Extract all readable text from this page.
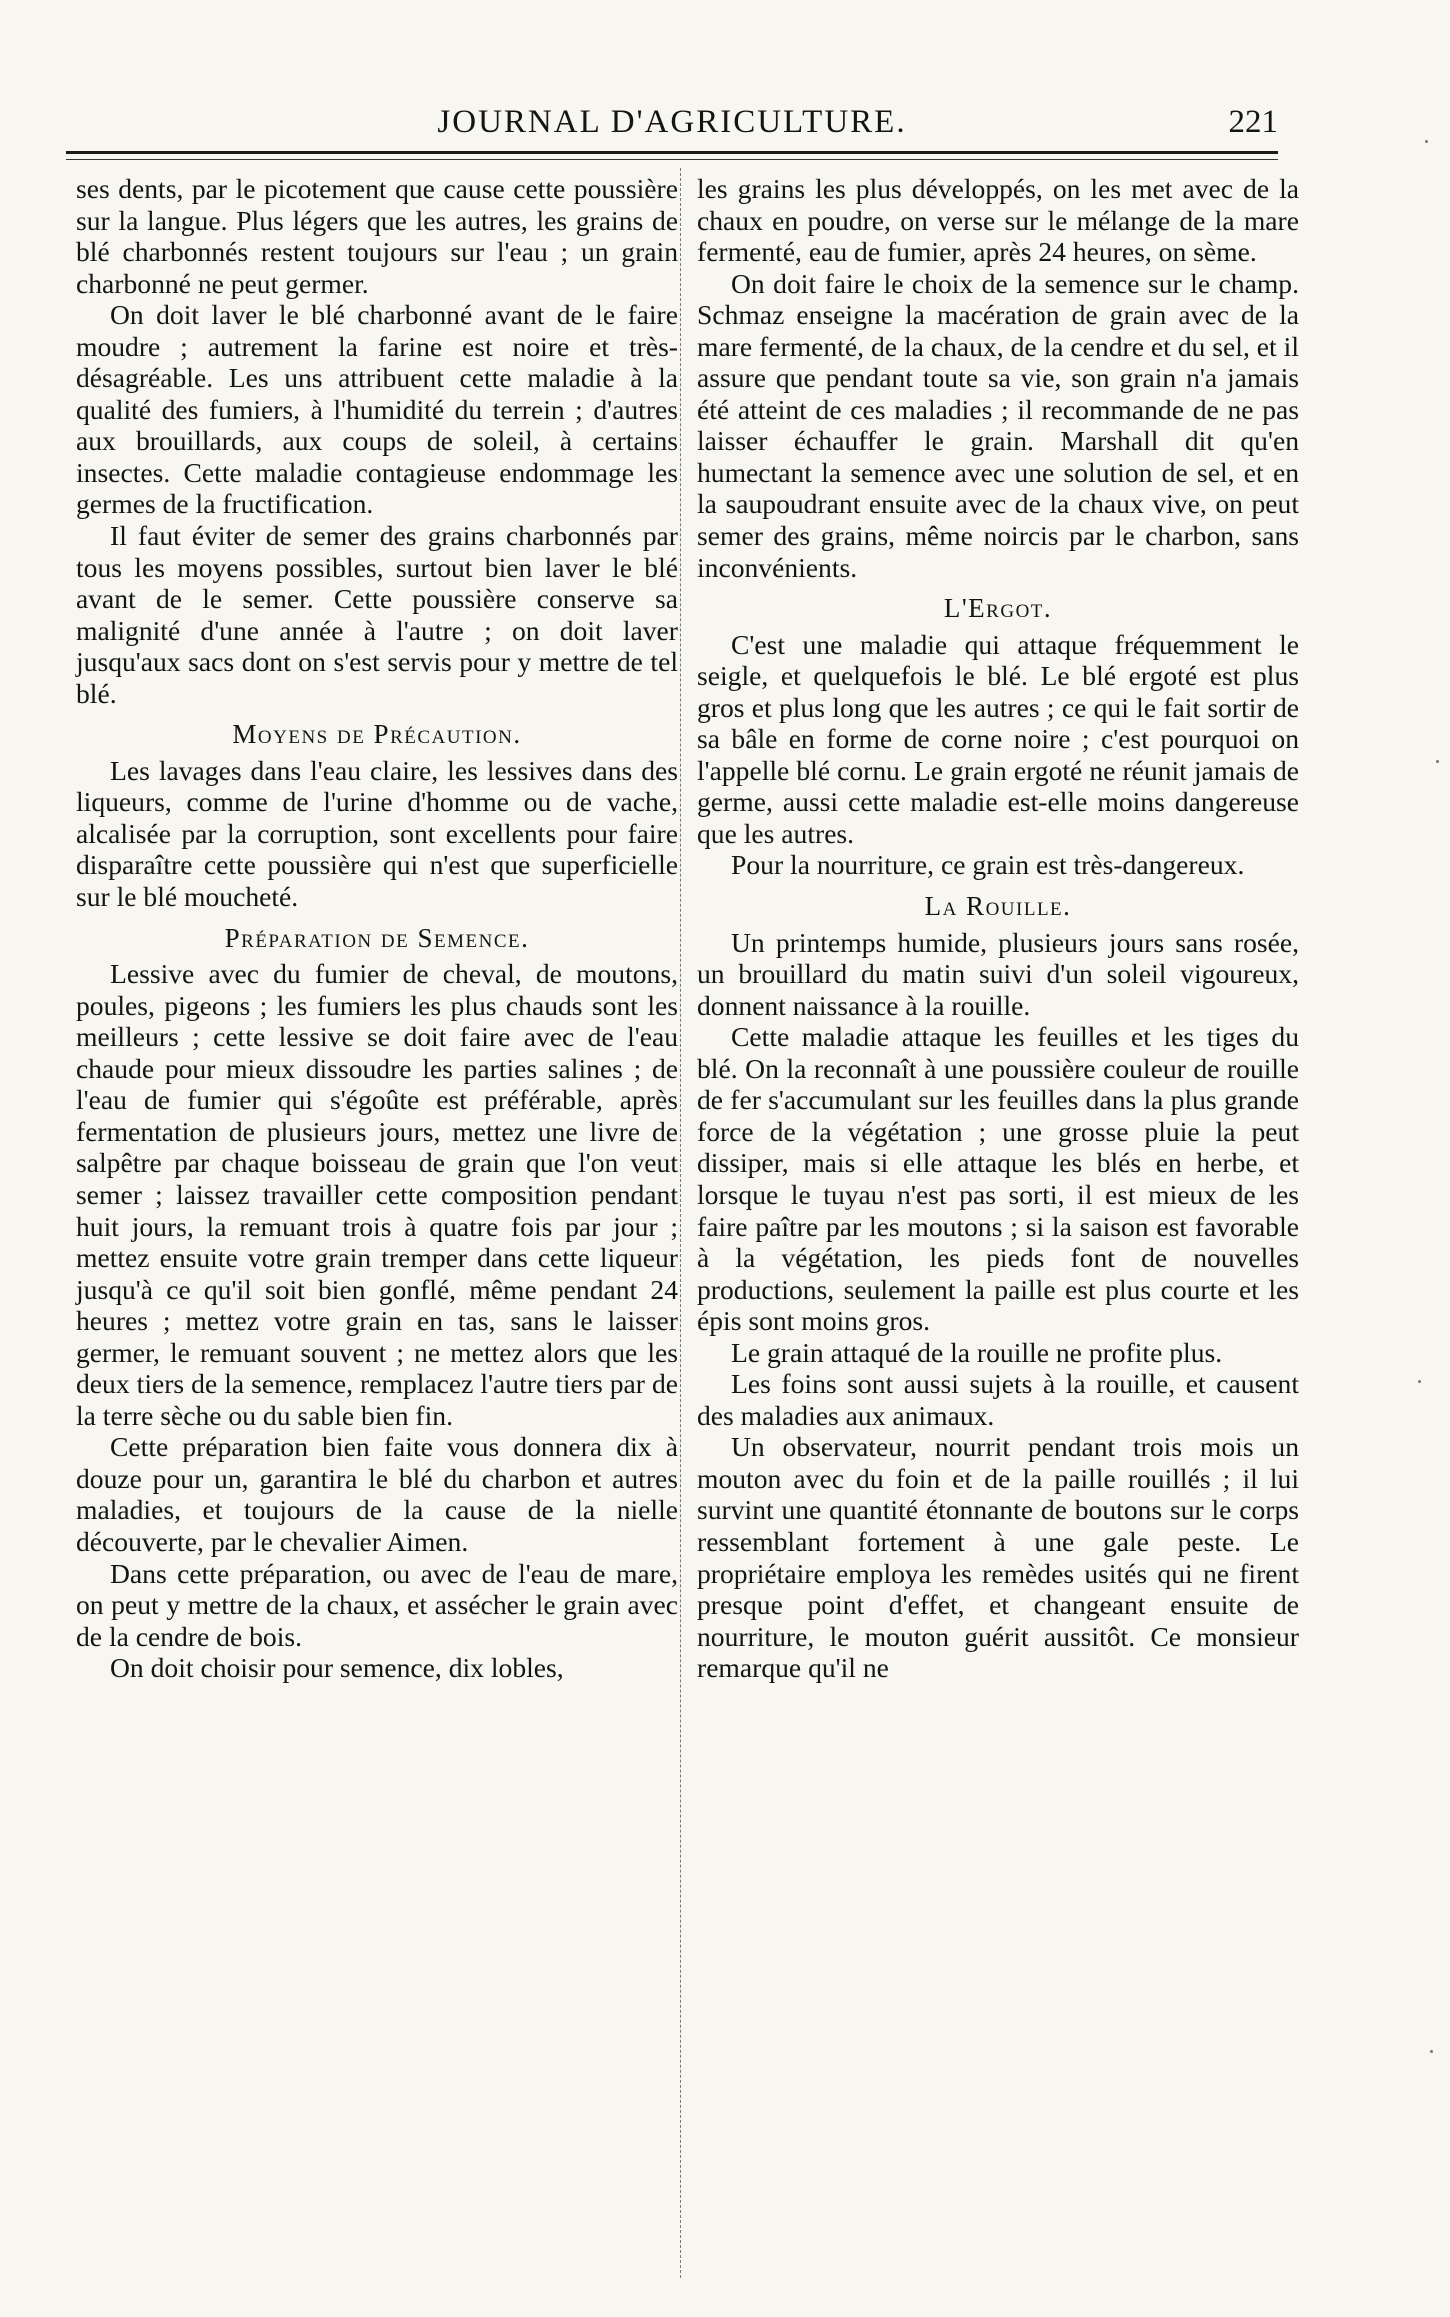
JOURNAL D'AGRICULTURE.	221

ses dents, par le picotement que cause cette poussière sur la langue. Plus légers que les autres, les grains de blé charbonnés restent toujours sur l'eau ; un grain charbonné ne peut germer.

On doit laver le blé charbonné avant de le faire moudre ; autrement la farine est noire et très-désagréable. Les uns attribuent cette maladie à la qualité des fumiers, à l'humidité du terrein ; d'autres aux brouillards, aux coups de soleil, à certains insectes. Cette maladie contagieuse endommage les germes de la fructification.

Il faut éviter de semer des grains charbonnés par tous les moyens possibles, surtout bien laver le blé avant de le semer. Cette poussière conserve sa malignité d'une année à l'autre ; on doit laver jusqu'aux sacs dont on s'est servis pour y mettre de tel blé.

Moyens de Précaution.

Les lavages dans l'eau claire, les lessives dans des liqueurs, comme de l'urine d'homme ou de vache, alcalisée par la corruption, sont excellents pour faire disparaître cette poussière qui n'est que superficielle sur le blé moucheté.

Préparation de Semence.

Lessive avec du fumier de cheval, de moutons, poules, pigeons ; les fumiers les plus chauds sont les meilleurs ; cette lessive se doit faire avec de l'eau chaude pour mieux dissoudre les parties salines ; de l'eau de fumier qui s'égoûte est préférable, après fermentation de plusieurs jours, mettez une livre de salpêtre par chaque boisseau de grain que l'on veut semer ; laissez travailler cette composition pendant huit jours, la remuant trois à quatre fois par jour ; mettez ensuite votre grain tremper dans cette liqueur jusqu'à ce qu'il soit bien gonflé, même pendant 24 heures ; mettez votre grain en tas, sans le laisser germer, le remuant souvent ; ne mettez alors que les deux tiers de la semence, remplacez l'autre tiers par de la terre sèche ou du sable bien fin.

Cette préparation bien faite vous donnera dix à douze pour un, garantira le blé du charbon et autres maladies, et toujours de la cause de la nielle découverte, par le chevalier Aimen.

Dans cette préparation, ou avec de l'eau de mare, on peut y mettre de la chaux, et assécher le grain avec de la cendre de bois.

On doit choisir pour semence, dix lobles,

les grains les plus développés, on les met avec de la chaux en poudre, on verse sur le mélange de la mare fermenté, eau de fumier, après 24 heures, on sème.

On doit faire le choix de la semence sur le champ. Schmaz enseigne la macération de grain avec de la mare fermenté, de la chaux, de la cendre et du sel, et il assure que pendant toute sa vie, son grain n'a jamais été atteint de ces maladies ; il recommande de ne pas laisser échauffer le grain. Marshall dit qu'en humectant la semence avec une solution de sel, et en la saupoudrant ensuite avec de la chaux vive, on peut semer des grains, même noircis par le charbon, sans inconvénients.

L'Ergot.

C'est une maladie qui attaque fréquemment le seigle, et quelquefois le blé. Le blé ergoté est plus gros et plus long que les autres ; ce qui le fait sortir de sa bâle en forme de corne noire ; c'est pourquoi on l'appelle blé cornu. Le grain ergoté ne réunit jamais de germe, aussi cette maladie est-elle moins dangereuse que les autres.

Pour la nourriture, ce grain est très-dangereux.

La Rouille.

Un printemps humide, plusieurs jours sans rosée, un brouillard du matin suivi d'un soleil vigoureux, donnent naissance à la rouille.

Cette maladie attaque les feuilles et les tiges du blé. On la reconnaît à une poussière couleur de rouille de fer s'accumulant sur les feuilles dans la plus grande force de la végétation ; une grosse pluie la peut dissiper, mais si elle attaque les blés en herbe, et lorsque le tuyau n'est pas sorti, il est mieux de les faire paître par les moutons ; si la saison est favorable à la végétation, les pieds font de nouvelles productions, seulement la paille est plus courte et les épis sont moins gros.

Le grain attaqué de la rouille ne profite plus.

Les foins sont aussi sujets à la rouille, et causent des maladies aux animaux.

Un observateur, nourrit pendant trois mois un mouton avec du foin et de la paille rouillés ; il lui survint une quantité étonnante de boutons sur le corps ressemblant fortement à une gale peste. Le propriétaire employa les remèdes usités qui ne firent presque point d'effet, et changeant ensuite de nourriture, le mouton guérit aussitôt. Ce monsieur remarque qu'il ne
